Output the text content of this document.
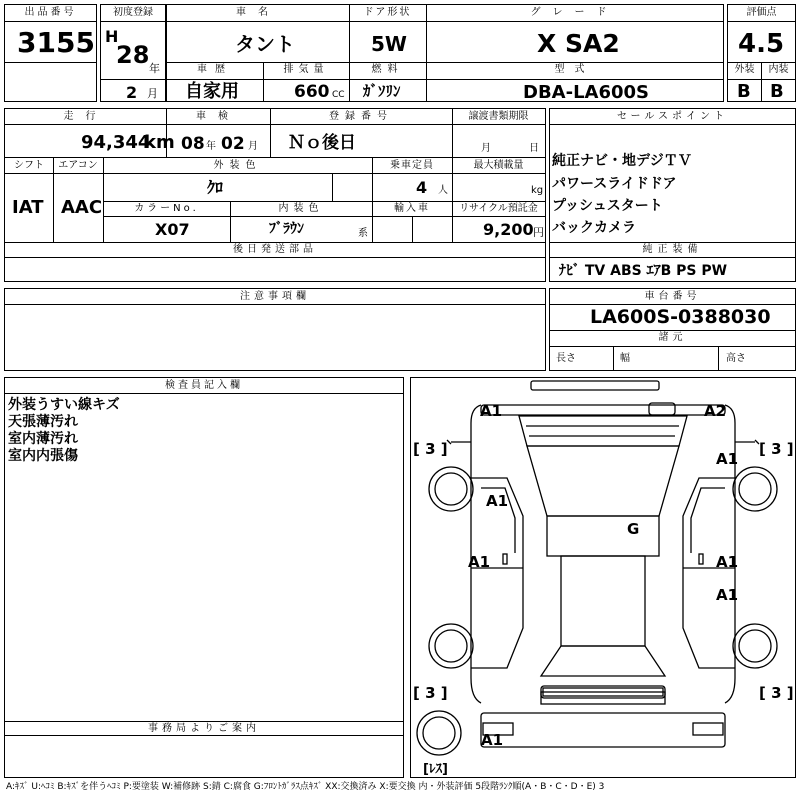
出品番号
3155
初度登録
H
28 年
2 月
車名
タント
ドア形状
5W
グレード
X SA2
車歴
自家用
排気量
660 CC
燃料
ｶﾞｿﾘﾝ
型式
DBA-LA600S
評価点
4.5
外装	内装
B B
走行
94,344
km
車検
08 年 02 月
登録番号
Ｎｏ後日
譲渡書類期限
月	日
シフト	エアコン
IAT AAC
外装色
ｸﾛ
乗車定員
4 人
最大積載量
kg
カラーNo.
X07
内装色
ﾌﾞﾗｳﾝ	系
輸入車	リサイクル預託金
9,200 円
後日発送部品
セールスポイント
純正ナビ・地デジＴＶ
パワースライドドア
プッシュスタート
バックカメラ
純正装備
ﾅﾋﾞ TV ABS ｴｱB PS PW
注意事項欄	車台番号
LA600S-0388030
諸元
長さ	幅	高さ
検査員記入欄
外装うすい線キズ
天張薄汚れ
室内薄汚れ
室内内張傷
事務局よりご案内
A1	A2
[ 3 ]	[ 3 ]
A1
A1
G
A1	A1
A1
[ 3 ]	[ 3 ]
A1
[ﾚｽ]
A:ｷｽﾞ U:ﾍｺﾐ B:ｷｽﾞを伴うﾍｺﾐ P:要塗装 W:補修跡 S:錆 C:腐食 G:ﾌﾛﾝﾄｶﾞﾗｽ点ｷｽﾞ XX:交換済み X:要交換 内・外装評価 5段階ﾗﾝｸ順(A・B・C・D・E) 3
